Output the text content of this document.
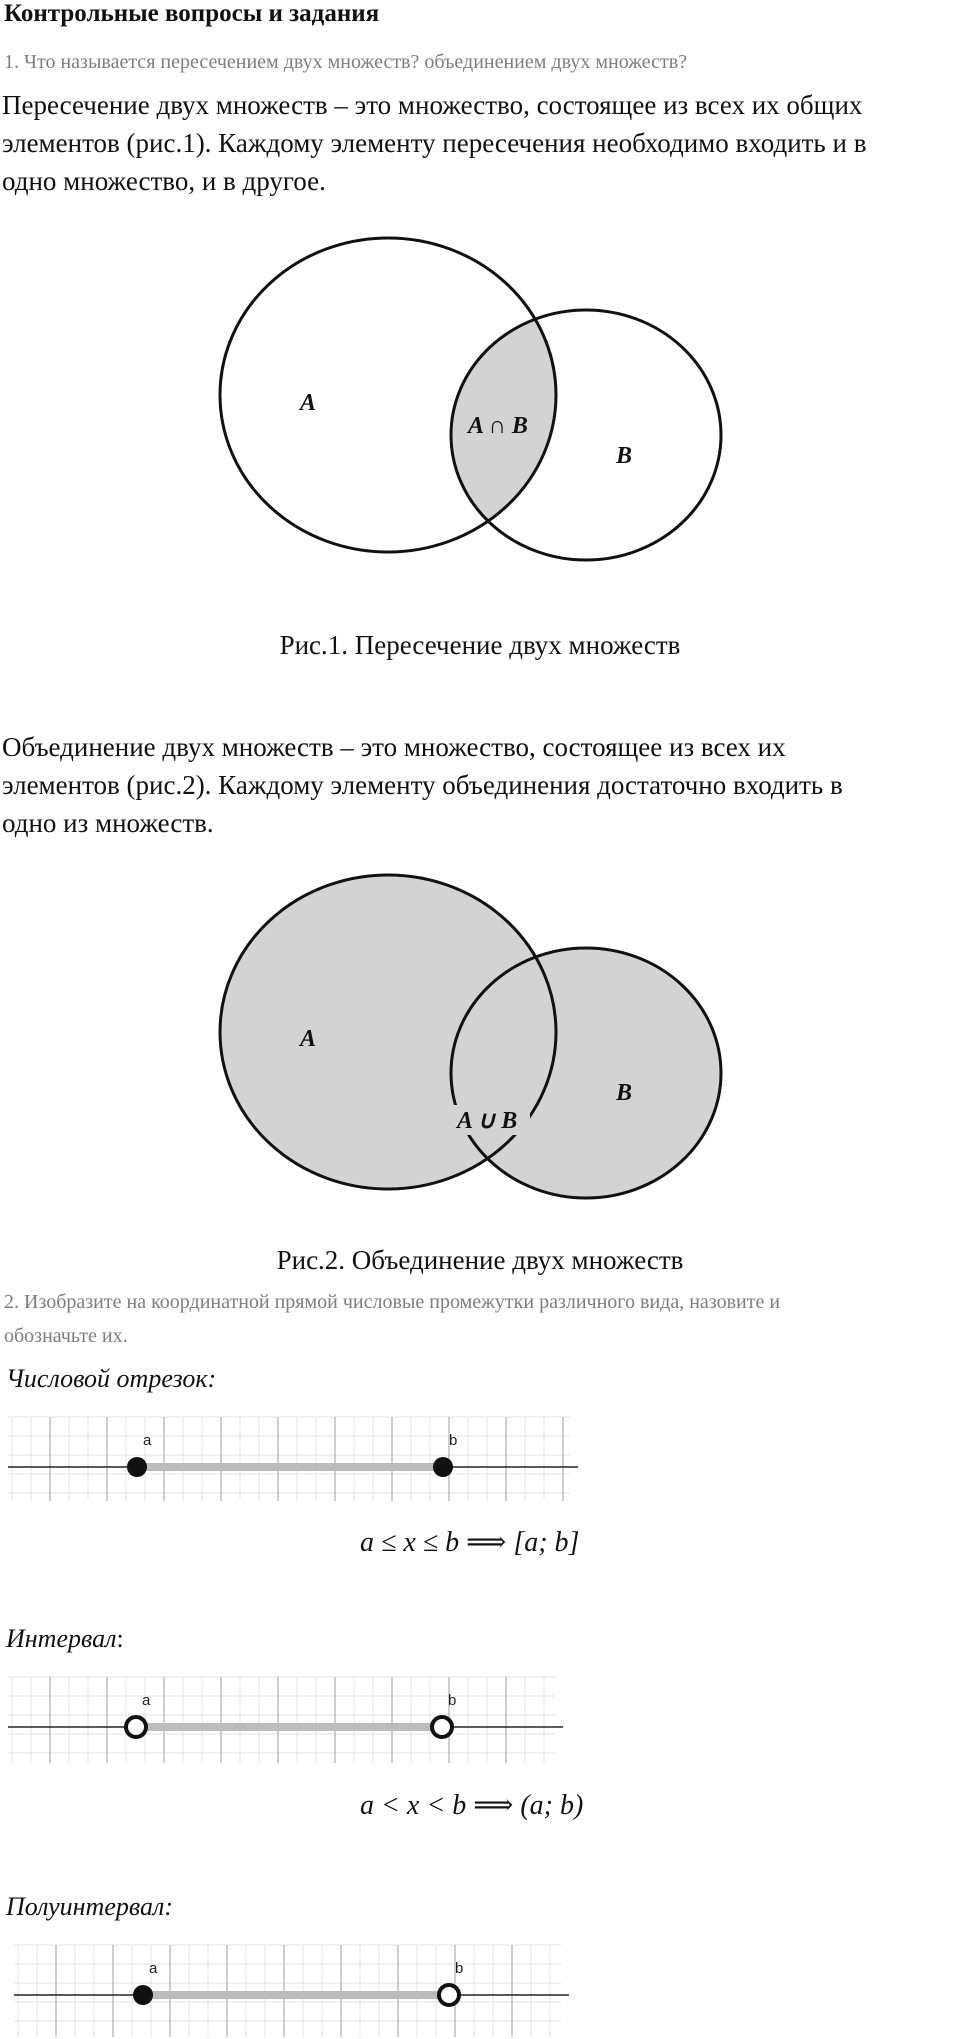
Контрольные вопросы и задания
1. Что называется пересечением двух множеств? объединением двух множеств?
Пересечение двух множеств – это множество, состоящее из всех их общих
элементов (рис.1). Каждому элементу пересечения необходимо входить и в
одно множество, и в другое.
A
A ∩ B
B
Рис.1. Пересечение двух множеств
Объединение двух множеств – это множество, состоящее из всех их
элементов (рис.2). Каждому элементу объединения достаточно входить в
одно из множеств.
A
A ∪ B
B
Рис.2. Объединение двух множеств
2. Изобразите на координатной прямой числовые промежутки различного вида, назовите и
обозначьте их.
Числовой отрезок:
a	b
a ≤ x ≤ b ⟹ [a; b]
Интервал:
a	b
a < x < b ⟹ (a; b)
Полуинтервал:
a	b
